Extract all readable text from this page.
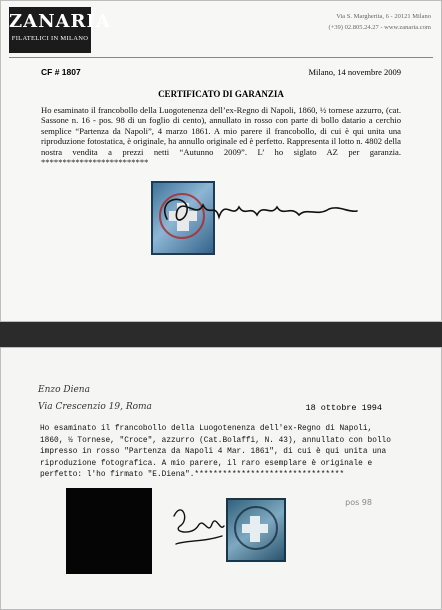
ZANARIA
FILATELICI IN MILANO
Via S. Margherita, 6 - 20121 Milano
(+39) 02.805.24.27 - www.zanaria.com
CF # 1807	Milano, 14 novembre 2009
CERTIFICATO DI GARANZIA
Ho esaminato il francobollo della Luogotenenza dell’ex-Regno di Napoli, 1860, ½ tornese azzurro, (cat. Sassone n. 16 - pos. 98 di un foglio di cento), annullato in rosso con parte di bollo datario a cerchio semplice “Partenza da Napoli”, 4 marzo 1861. A mio parere il francobollo, di cui è qui unita una riproduzione fotostatica, è originale, ha annullo originale ed è perfetto. Rappresenta il lotto n. 4802 della nostra vendita a prezzi netti “Autunno 2009”. L’ ho siglato AZ per garanzia. *************************
Enzo Diena
Via Crescenzio 19, Roma	18 ottobre 1994
Ho esaminato il francobollo della Luogotenenza dell'ex-Regno di Napoli, 1860, ½ Tornese, "Croce", azzurro (Cat.Bolaffi, N. 43), annullato con bollo impresso in rosso "Partenza da Napoli 4 Mar. 1861", di cui è qui unita una riproduzione fotografica. A mio parere, il raro esemplare è originale e perfetto: l'ho firmato "E.Diena".********************************
pos 98
